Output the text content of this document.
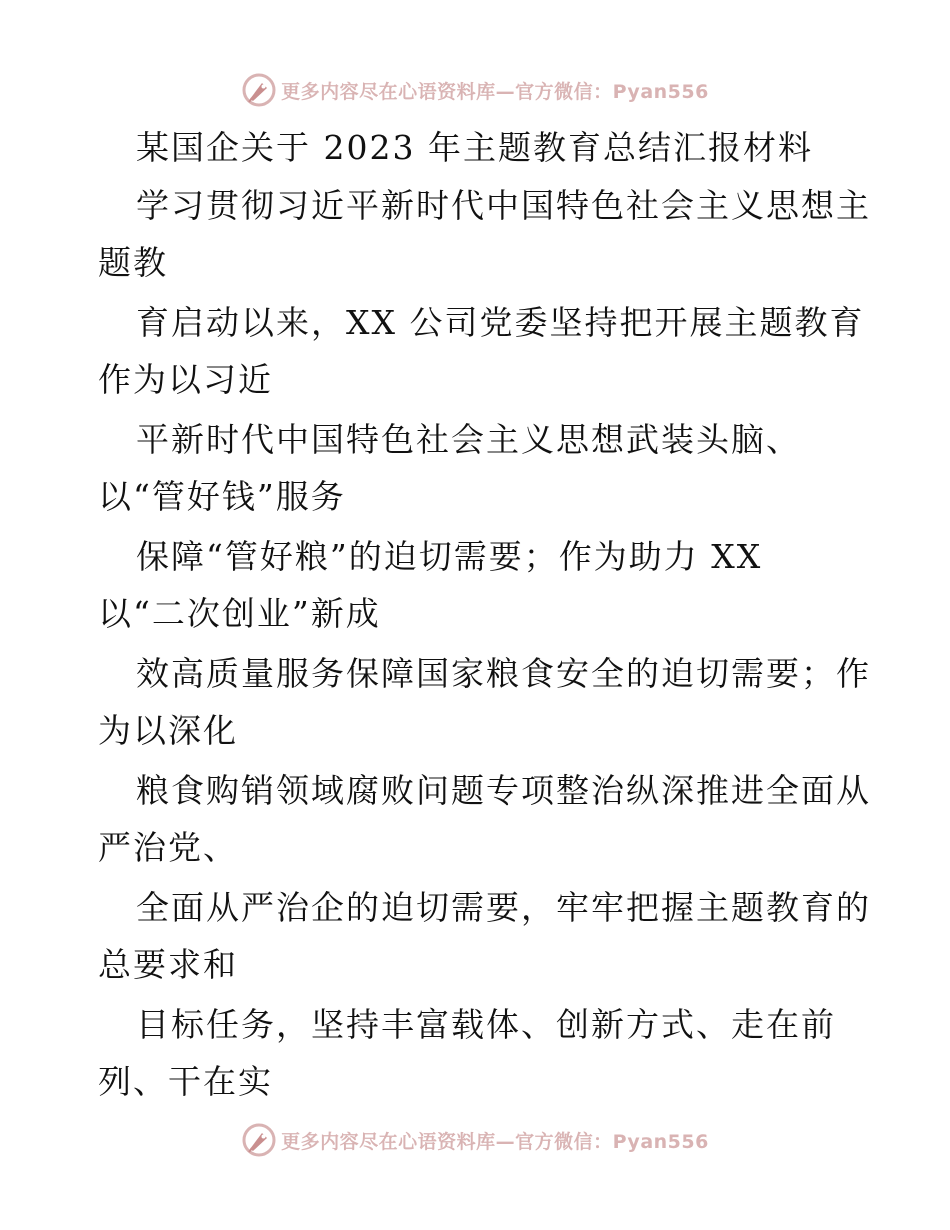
更多内容尽在心语资料库—官方微信：Pyan556
某国企关于 2023 年主题教育总结汇报材料
学习贯彻习近平新时代中国特色社会主义思想主
题教
育启动以来，XX 公司党委坚持把开展主题教育
作为以习近
平新时代中国特色社会主义思想武装头脑、
以“管好钱”服务
保障“管好粮”的迫切需要；作为助力 XX
以“二次创业”新成
效高质量服务保障国家粮食安全的迫切需要；作
为以深化
粮食购销领域腐败问题专项整治纵深推进全面从
严治党、
全面从严治企的迫切需要，牢牢把握主题教育的
总要求和
目标任务，坚持丰富载体、创新方式、走在前
列、干在实
更多内容尽在心语资料库—官方微信：Pyan556
